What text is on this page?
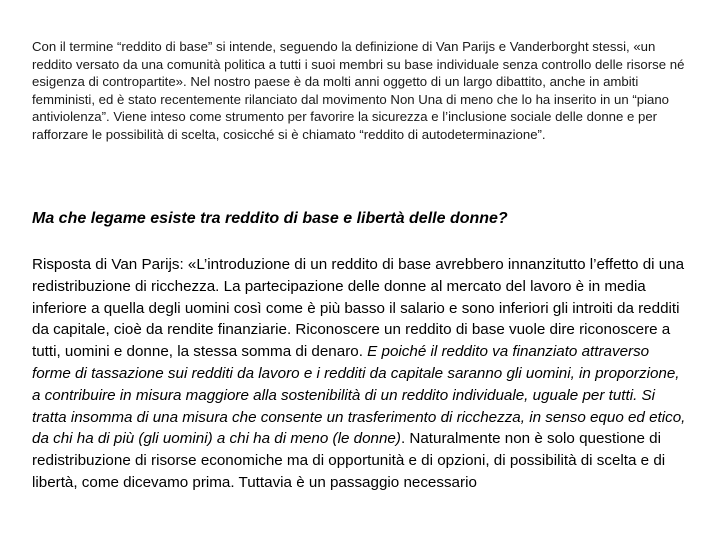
Con il termine “reddito di base” si intende, seguendo la definizione di Van Parijs e Vanderborght stessi, «un reddito versato da una comunità politica a tutti i suoi membri su base individuale senza controllo delle risorse né esigenza di contropartite». Nel nostro paese è da molti anni oggetto di un largo dibattito, anche in ambiti femministi, ed è stato recentemente rilanciato dal movimento Non Una di meno che lo ha inserito in un “piano antiviolenza”. Viene inteso come strumento per favorire la sicurezza e l’inclusione sociale delle donne e per rafforzare le possibilità di scelta, cosicché si è chiamato “reddito di autodeterminazione”.

Ma che legame esiste tra reddito di base e libertà delle donne?

Risposta di Van Parijs: «L’introduzione di un reddito di base avrebbero innanzitutto l’effetto di una redistribuzione di ricchezza. La partecipazione delle donne al mercato del lavoro è in media inferiore a quella degli uomini così come è più basso il salario e sono inferiori gli introiti da redditi da capitale, cioè da rendite finanziarie. Riconoscere un reddito di base vuole dire riconoscere a tutti, uomini e donne, la stessa somma di denaro. E poiché il reddito va finanziato attraverso forme di tassazione sui redditi da lavoro e i redditi da capitale saranno gli uomini, in proporzione, a contribuire in misura maggiore alla sostenibilità di un reddito individuale, uguale per tutti. Si tratta insomma di una misura che consente un trasferimento di ricchezza, in senso equo ed etico, da chi ha di più (gli uomini) a chi ha di meno (le donne). Naturalmente non è solo questione di redistribuzione di risorse economiche ma di opportunità e di opzioni, di possibilità di scelta e di libertà, come dicevamo prima. Tuttavia è un passaggio necessario
